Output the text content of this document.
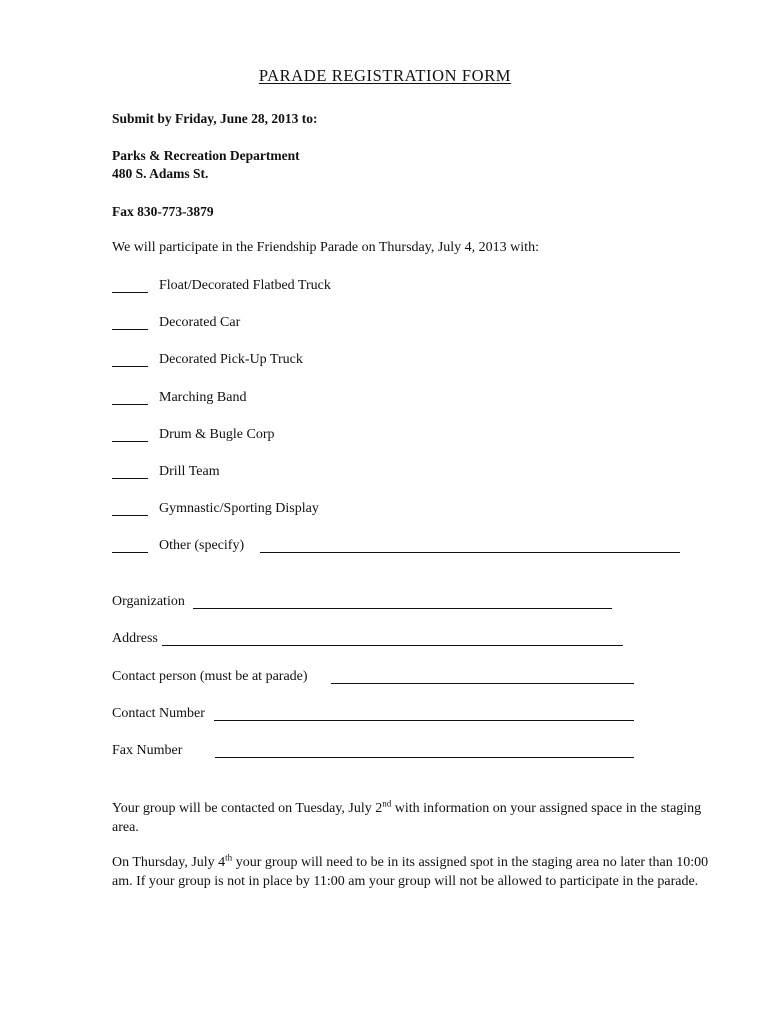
PARADE REGISTRATION FORM
Submit by Friday, June 28, 2013 to:
Parks & Recreation Department
480 S. Adams St.
Fax 830-773-3879
We will participate in the Friendship Parade on Thursday, July 4, 2013 with:
Float/Decorated Flatbed Truck
Decorated Car
Decorated Pick-Up Truck
Marching Band
Drum & Bugle Corp
Drill Team
Gymnastic/Sporting Display
Other (specify)
Organization
Address
Contact person (must be at parade)
Contact Number
Fax Number
Your group will be contacted on Tuesday, July 2nd with information on your assigned space in the staging area.
On Thursday, July 4th your group will need to be in its assigned spot in the staging area no later than 10:00 am. If your group is not in place by 11:00 am your group will not be allowed to participate in the parade.
